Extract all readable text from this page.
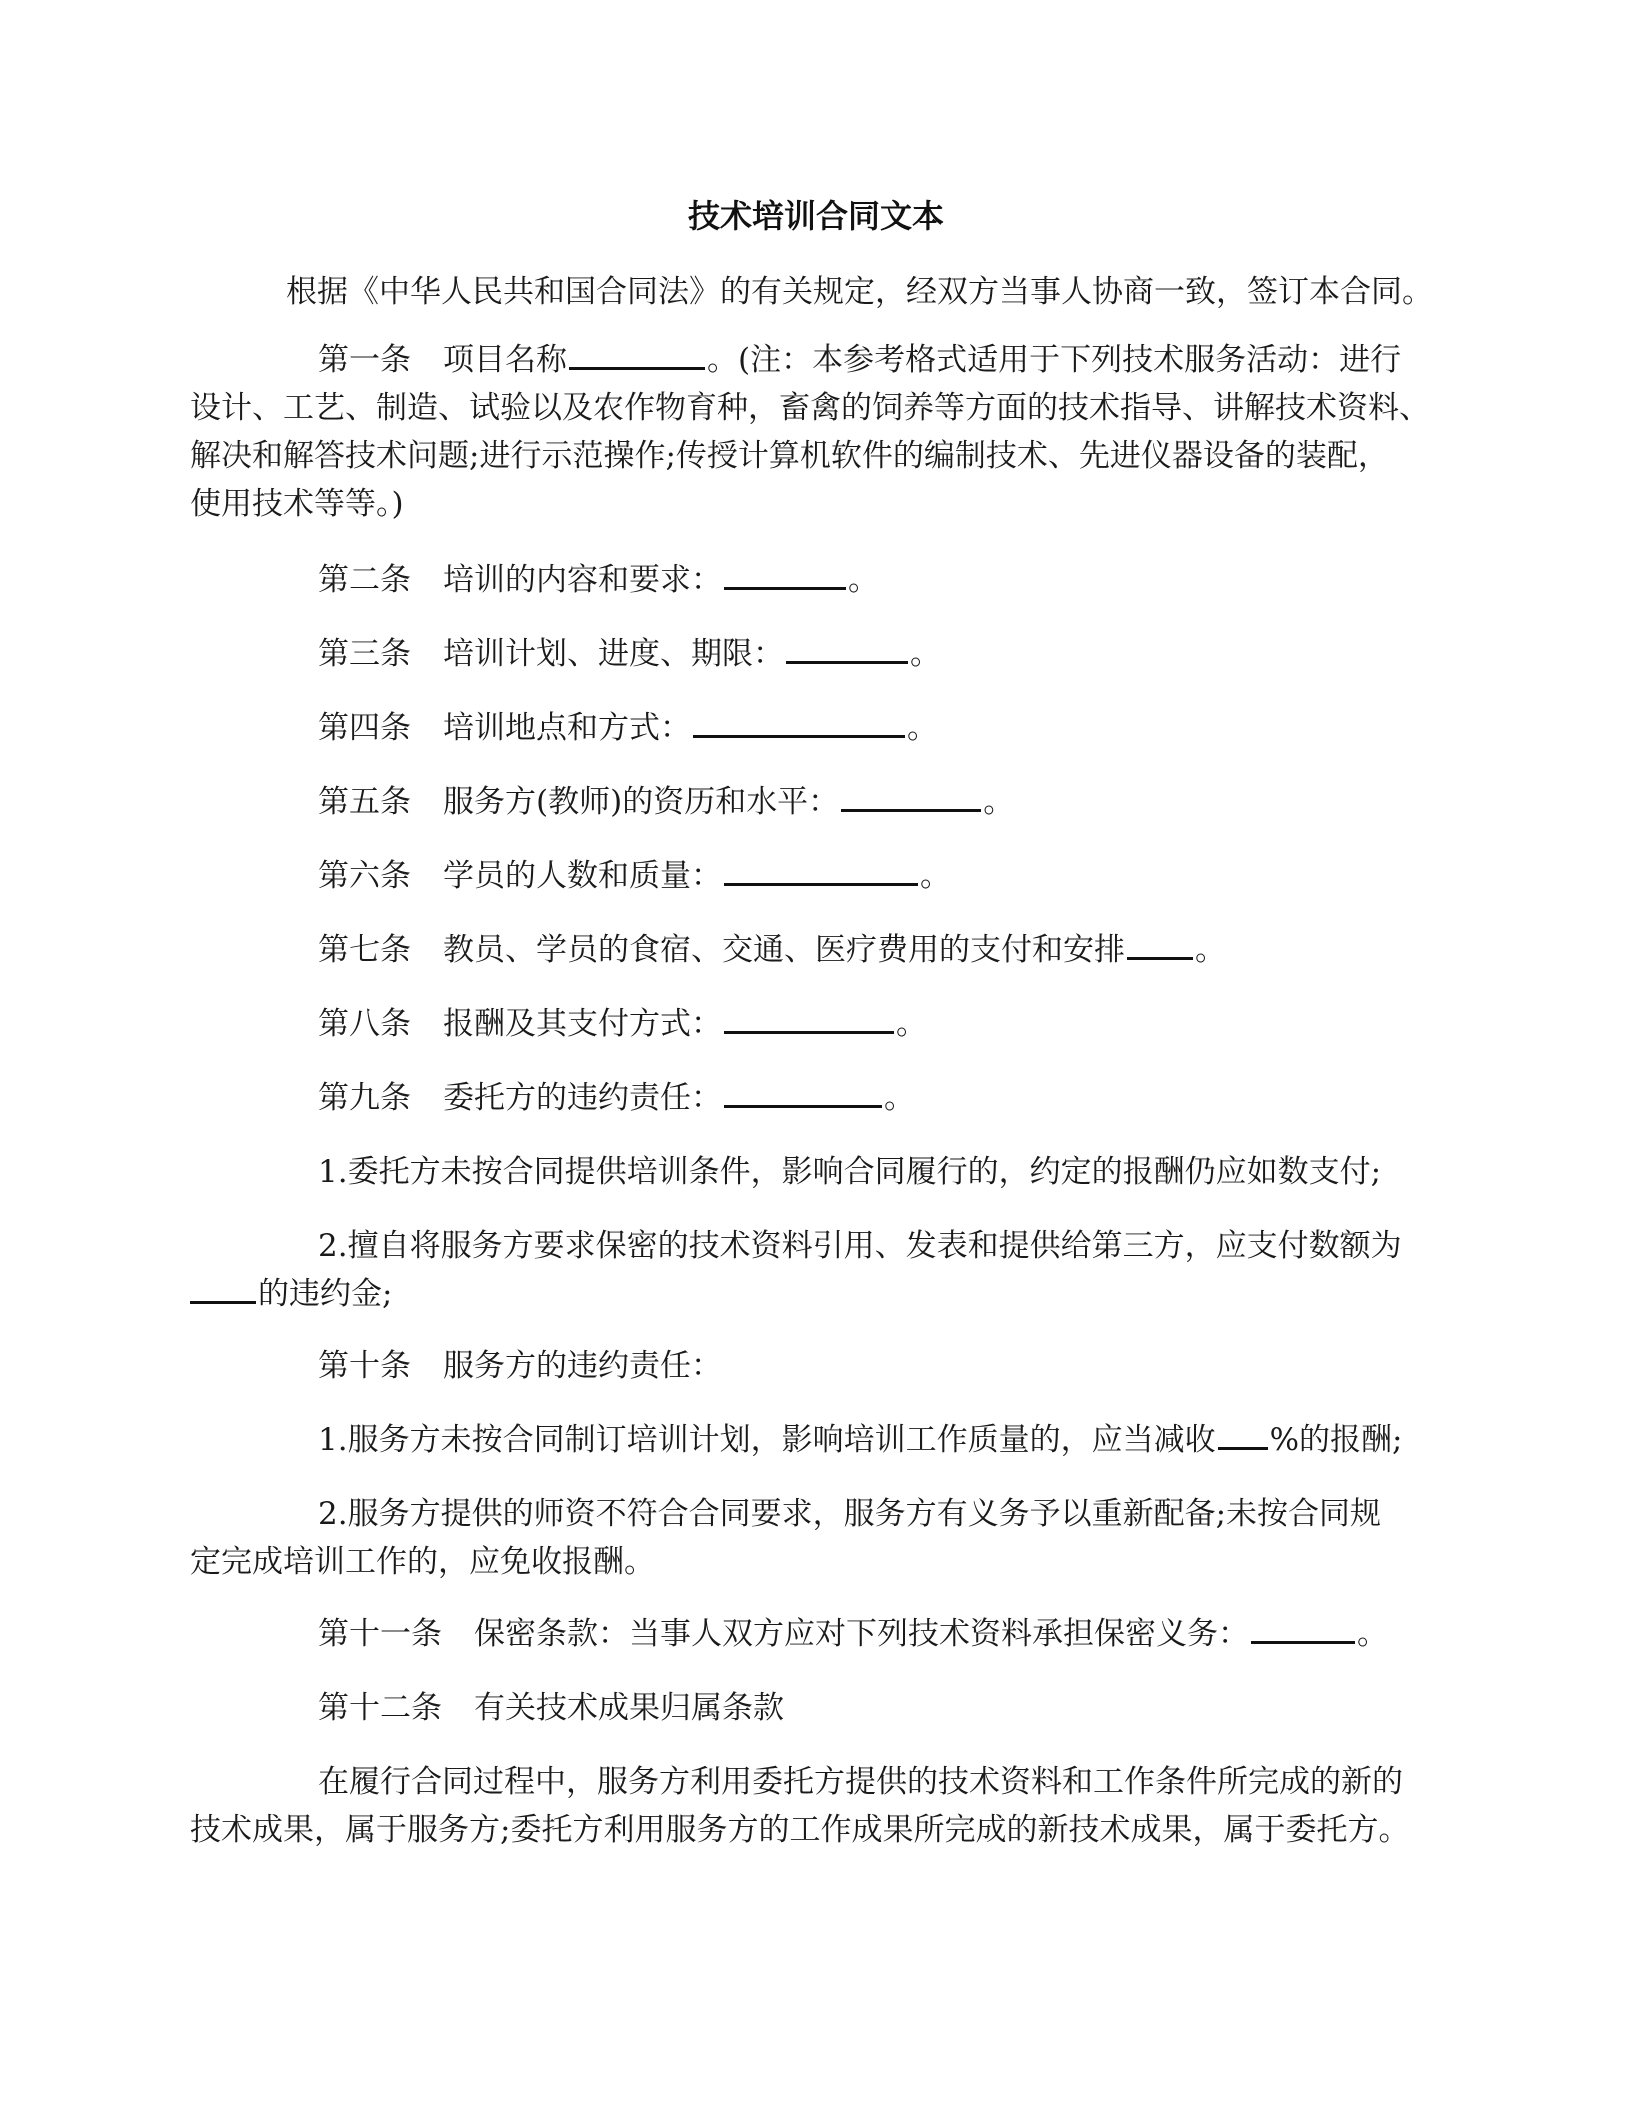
技术培训合同文本

根据《中华人民共和国合同法》的有关规定，经双方当事人协商一致，签订本合同。

第一条 项目名称	。(注：本参考格式适用于下列技术服务活动：进行
设计、工艺、制造、试验以及农作物育种，畜禽的饲养等方面的技术指导、讲解技术资料、
解决和解答技术问题;进行示范操作;传授计算机软件的编制技术、先进仪器设备的装配，
使用技术等等。)

第二条 培训的内容和要求：	。

第三条 培训计划、进度、期限：	。

第四条 培训地点和方式：	。

第五条 服务方(教师)的资历和水平：	。

第六条 学员的人数和质量：	。

第七条 教员、学员的食宿、交通、医疗费用的支付和安排 。

第八条 报酬及其支付方式：	。

第九条 委托方的违约责任：	。

1.委托方未按合同提供培训条件，影响合同履行的，约定的报酬仍应如数支付;

2.擅自将服务方要求保密的技术资料引用、发表和提供给第三方，应支付数额为
的违约金;

第十条 服务方的违约责任：

1.服务方未按合同制订培训计划，影响培训工作质量的，应当减收 %的报酬;

2.服务方提供的师资不符合合同要求，服务方有义务予以重新配备;未按合同规
定完成培训工作的，应免收报酬。

第十一条 保密条款：当事人双方应对下列技术资料承担保密义务：	。

第十二条 有关技术成果归属条款

在履行合同过程中，服务方利用委托方提供的技术资料和工作条件所完成的新的
技术成果，属于服务方;委托方利用服务方的工作成果所完成的新技术成果，属于委托方。
